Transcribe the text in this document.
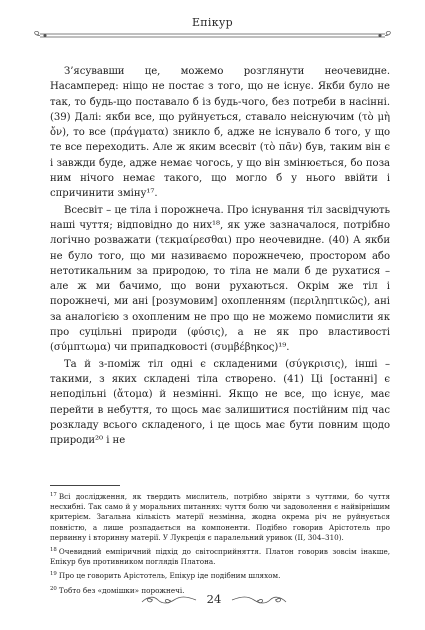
Епікур

З’ясувавши це, можемо розглянути неочевидне. Насамперед: ніщо не постає з того, що не існує. Якби було не так, то будь-що поставало б із будь-чого, без потреби в насінні. (39) Далі: якби все, що руйнується, ставало неіснуючим (τὸ μὴ ὄν), то все (πράγματα) зникло б, адже не існувало б того, у що те все переходить. Але ж яким всесвіт (τὸ πᾶν) був, таким він є і завжди буде, адже немає чогось, у що він змінюється, бо поза ним нічого немає такого, що могло б у нього ввійти і спричинити зміну¹⁷.

Всесвіт – це тіла і порожнеча. Про існування тіл засвідчують наші чуття; відповідно до них¹⁸, як уже зазначалося, потрібно логічно розважати (τεκμαίρεσθαι) про неочевидне. (40) А якби не було того, що ми називаємо порожнечею, простором або нетотикальним за природою, то тіла не мали б де рухатися – але ж ми бачимо, що вони рухаються. Окрім же тіл і порожнечі, ми ані [розумовим] охопленням (περιληπτικῶς), ані за аналогією з охопленим не про що не можемо помислити як про суцільні природи (φύσις), а не як про властивості (σύμπτωμα) чи припадковості (συμβέβηκος)¹⁹.

Та й з-поміж тіл одні є складеними (σύγκρισις), інші – такими, з яких складені тіла створено. (41) Ці [останні] є неподільні (ἄτομα) й незмінні. Якщо не все, що існує, має перейти в небуття, то щось має залишитися постійним під час розкладу всього складеного, і це щось має бути повним щодо природи²⁰ і не

$^{17}$ Всі дослідження, як твердить мислитель, потрібно звіряти з чуттями, бо чуття несхибні. Так само й у моральних питаннях: чуття болю чи задоволення є найвірнішим критерієм. Загальна кількість матерії незмінна, жодна окрема річ не руйнується повністю, а лише розпадається на компоненти. Подібно говорив Арістотель про первинну і вторинну матерії. У Лукреція є паралельний уривок (II, 304–310).

$^{18}$ Очевидний емпіричний підхід до світосприйняття. Платон говорив зовсім інакше, Епікур був противником поглядів Платона.

$^{19}$ Про це говорить Арістотель, Епікур іде подібним шляхом.

$^{20}$ Тобто без «домішки» порожнечі.

24
